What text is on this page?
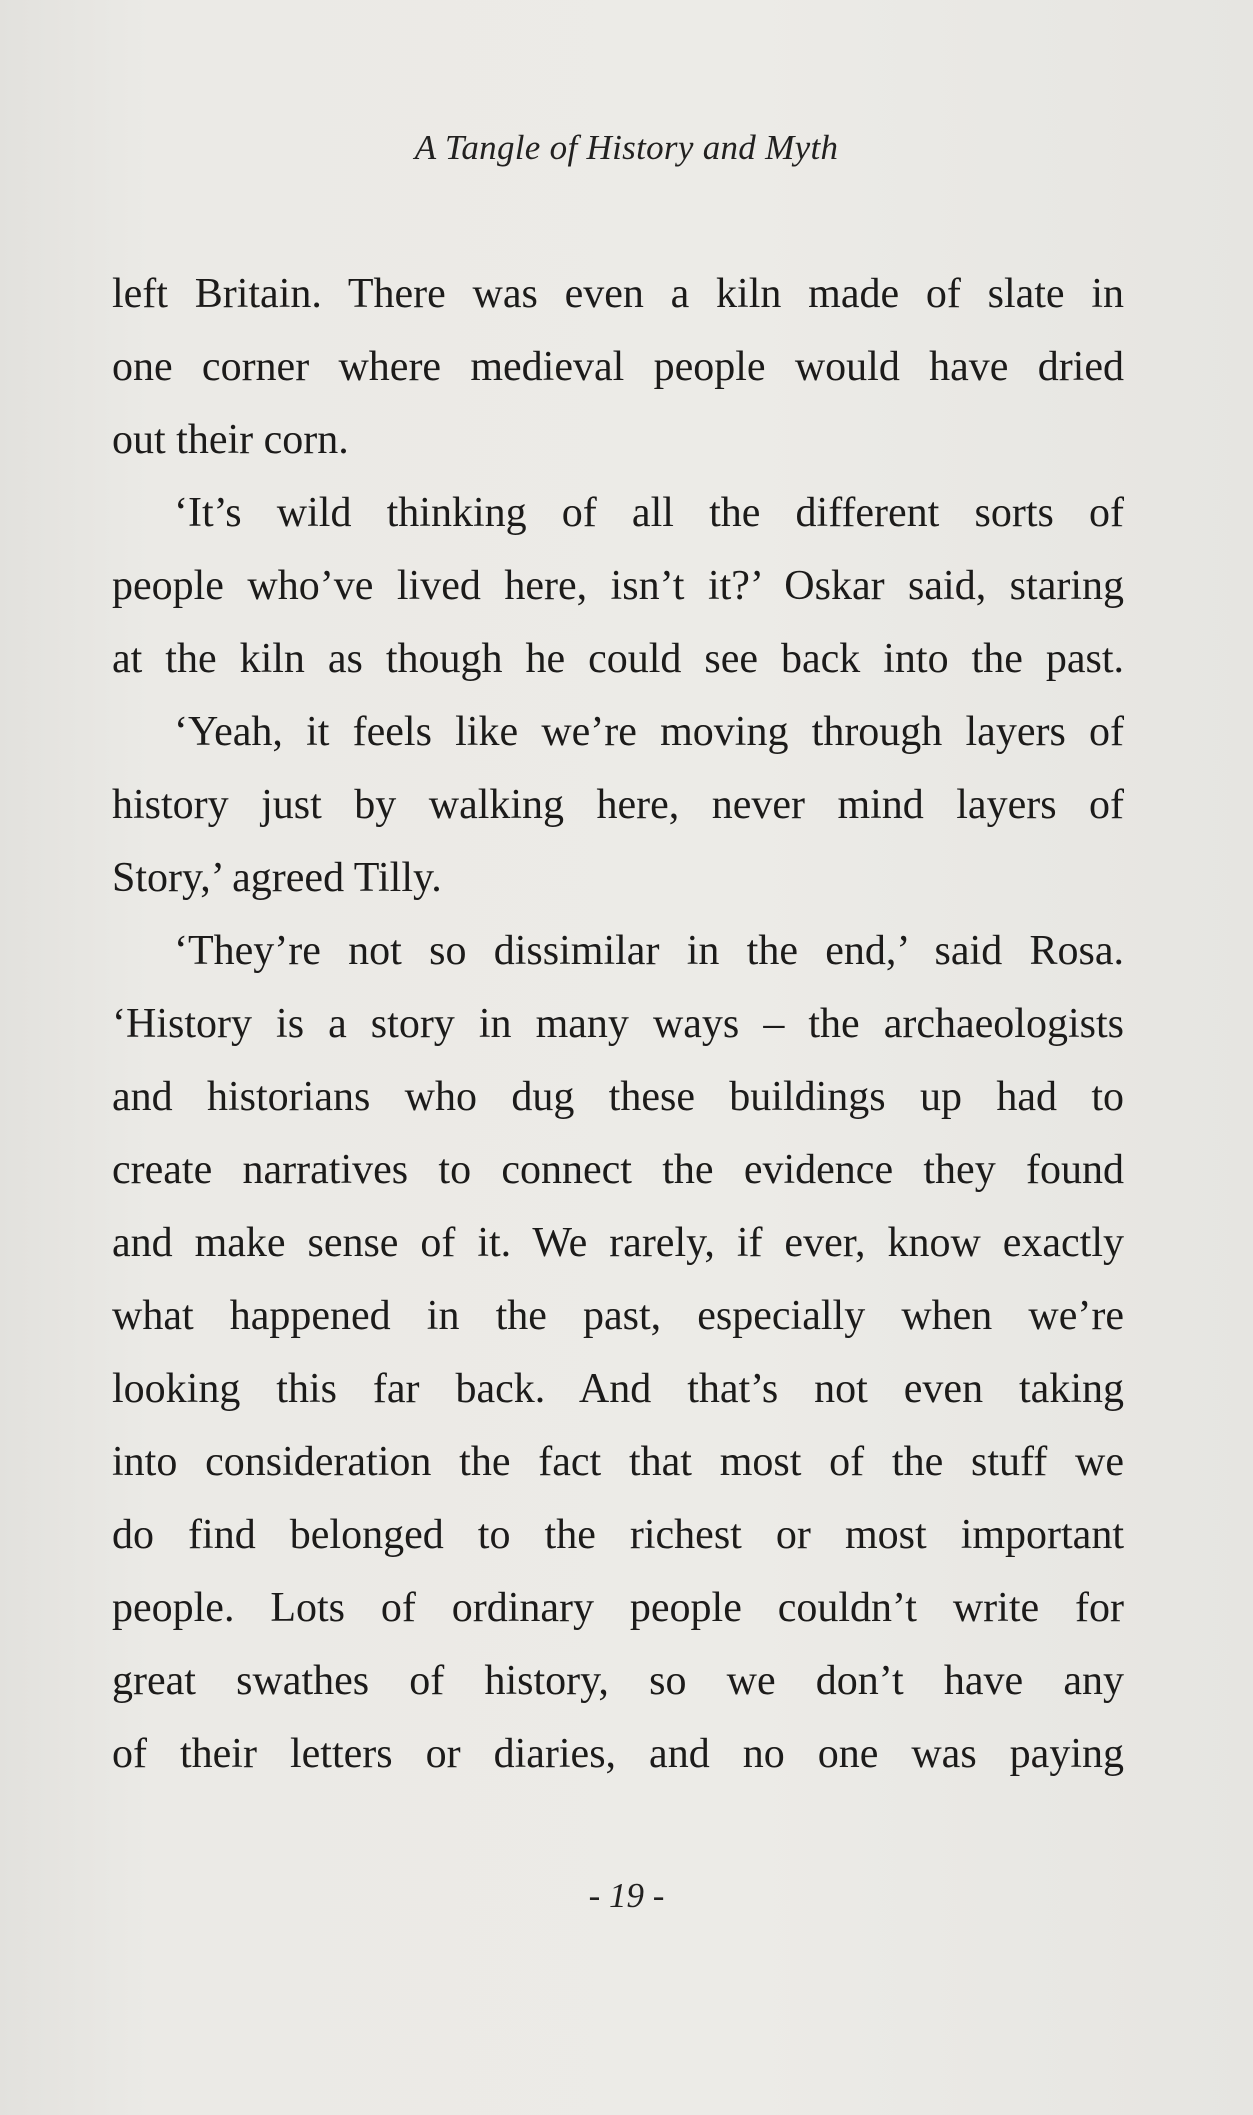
A Tangle of History and Myth

left Britain. There was even a kiln made of slate in
one corner where medieval people would have dried
out their corn.

‘It’s wild thinking of all the different sorts of
people who’ve lived here, isn’t it?’ Oskar said, staring
at the kiln as though he could see back into the past.

‘Yeah, it feels like we’re moving through layers of
history just by walking here, never mind layers of
Story,’ agreed Tilly.

‘They’re not so dissimilar in the end,’ said Rosa.
‘History is a story in many ways – the archaeologists
and historians who dug these buildings up had to
create narratives to connect the evidence they found
and make sense of it. We rarely, if ever, know exactly
what happened in the past, especially when we’re
looking this far back. And that’s not even taking
into consideration the fact that most of the stuff we
do find belonged to the richest or most important
people. Lots of ordinary people couldn’t write for
great swathes of history, so we don’t have any
of their letters or diaries, and no one was paying

- 19 -
